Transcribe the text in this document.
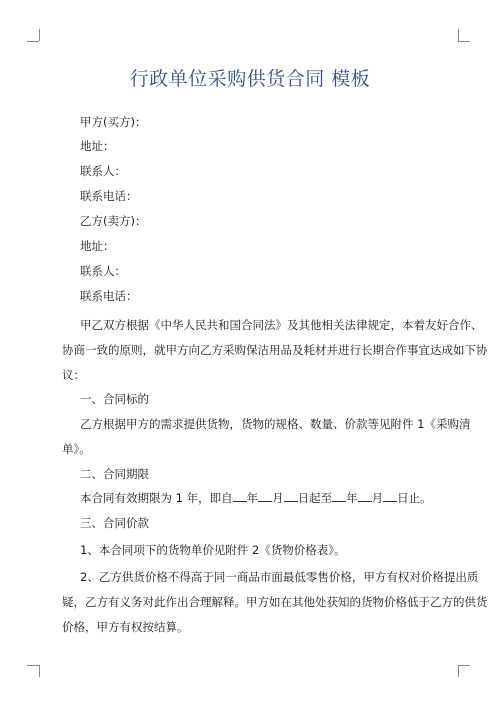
行政单位采购供货合同 模板
甲方(买方)：
地址：
联系人：
联系电话：
乙方(卖方)：
地址：
联系人：
联系电话：
甲乙双方根据《中华人民共和国合同法》及其他相关法律规定，本着友好合作、
协商一致的原则，就甲方向乙方采购保洁用品及耗材并进行长期合作事宜达成如下协
议：
一、合同标的
乙方根据甲方的需求提供货物，货物的规格、数量、价款等见附件 1《采购清
单》。
二、合同期限
本合同有效期限为 1 年，即自 年 月 日起至 年 月 日止。
三、合同价款
1、本合同项下的货物单价见附件 2《货物价格表》。
2、乙方供货价格不得高于同一商品市面最低零售价格，甲方有权对价格提出质
疑，乙方有义务对此作出合理解释。甲方如在其他处获知的货物价格低于乙方的供货
价格，甲方有权按结算。
